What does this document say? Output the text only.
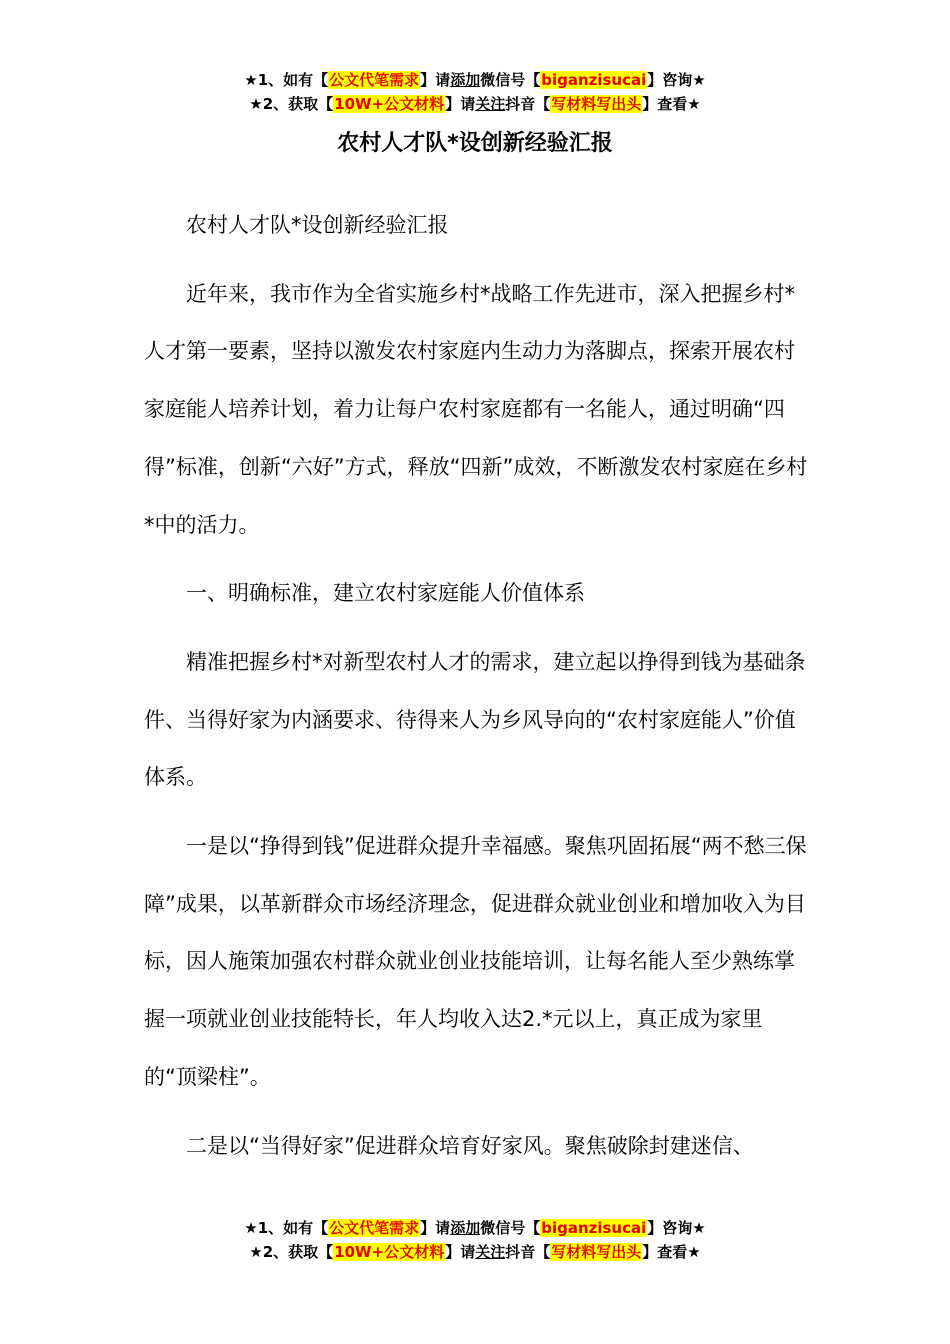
★1、如有【公文代笔需求】请添加微信号【biganzisucai】咨询★
★2、获取【10W+公文材料】请关注抖音【写材料写出头】查看★
农村人才队*设创新经验汇报

农村人才队*设创新经验汇报

近年来，我市作为全省实施乡村*战略工作先进市，深入把握乡村*人才第一要素，坚持以激发农村家庭内生动力为落脚点，探索开展农村家庭能人培养计划，着力让每户农村家庭都有一名能人，通过明确“四得”标准，创新“六好”方式，释放“四新”成效，不断激发农村家庭在乡村*中的活力。

一、明确标准，建立农村家庭能人价值体系

精准把握乡村*对新型农村人才的需求，建立起以挣得到钱为基础条件、当得好家为内涵要求、待得来人为乡风导向的“农村家庭能人”价值体系。

一是以“挣得到钱”促进群众提升幸福感。聚焦巩固拓展“两不愁三保障”成果，以革新群众市场经济理念，促进群众就业创业和增加收入为目标，因人施策加强农村群众就业创业技能培训，让每名能人至少熟练掌握一项就业创业技能特长，年人均收入达2.*元以上，真正成为家里的“顶梁柱”。

二是以“当得好家”促进群众培育好家风。聚焦破除封建迷信、

★1、如有【公文代笔需求】请添加微信号【biganzisucai】咨询★
★2、获取【10W+公文材料】请关注抖音【写材料写出头】查看★
